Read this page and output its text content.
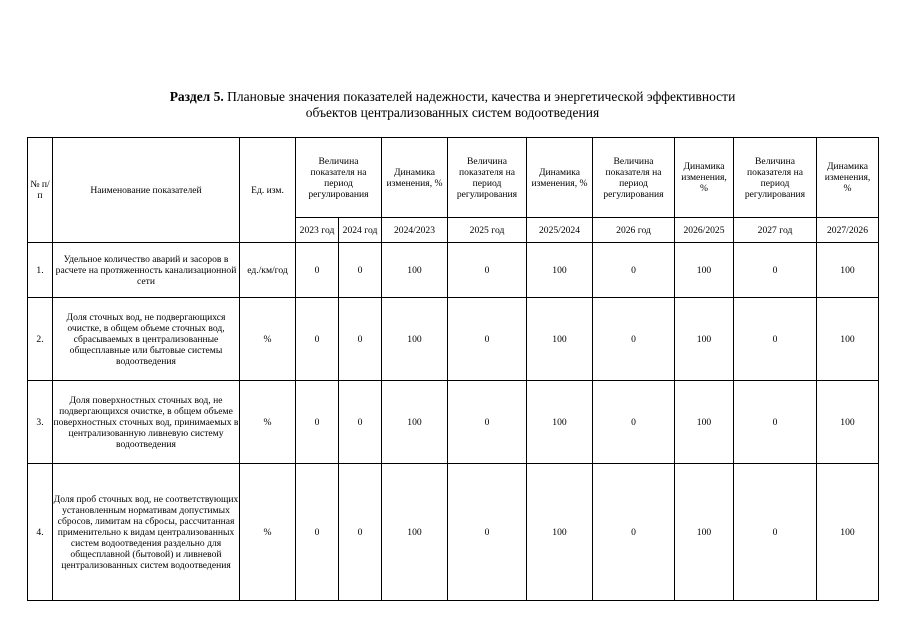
Раздел 5. Плановые значения показателей надежности, качества и энергетической эффективности
объектов централизованных систем водоотведения
№ п/п	Наименование показателей	Ед. изм.	Величина показателя на период регулирования		Динамика изменения, %	Величина показателя на период регулирования	Динамика изменения, %	Величина показателя на период регулирования	Динамика изменения, %	Величина показателя на период регулирования	Динамика изменения, %
			2023 год	2024 год	2024/2023	2025 год	2025/2024	2026 год	2026/2025	2027 год	2027/2026
1.	Удельное количество аварий и засоров в расчете на протяженность канализационной сети	ед./км/год	0	0	100	0	100	0	100	0	100
2.	Доля сточных вод, не подвергающихся очистке, в общем объеме сточных вод, сбрасываемых в централизованные общесплавные или бытовые системы водоотведения	%	0	0	100	0	100	0	100	0	100
3.	Доля поверхностных сточных вод, не подвергающихся очистке, в общем объеме поверхностных сточных вод, принимаемых в централизованную ливневую систему водоотведения	%	0	0	100	0	100	0	100	0	100
4.	Доля проб сточных вод, не соответствующих установленным нормативам допустимых сбросов, лимитам на сбросы, рассчитанная применительно к видам централизованных систем водоотведения раздельно для общесплавной (бытовой) и ливневой централизованных систем водоотведения	%	0	0	100	0	100	0	100	0	100
